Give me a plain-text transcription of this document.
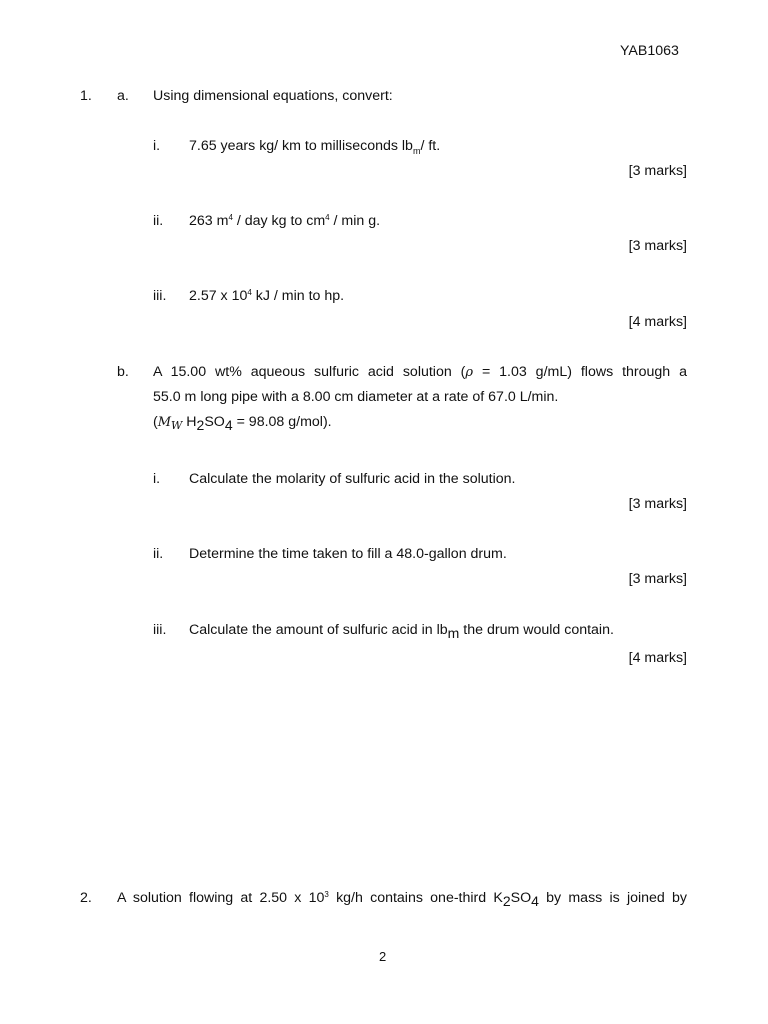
YAB1063
1. a. Using dimensional equations, convert:
i. 7.65 years kg/ km to milliseconds $lb_m/$ ft.
[3 marks]
ii. 263 $m^4$ / day kg to $cm^4$ / min g.
[3 marks]
iii. 2.57 x $10^4$ kJ / min to hp.
[4 marks]
b. A 15.00 wt% aqueous sulfuric acid solution (ρ = 1.03 g/mL) flows through a
55.0 m long pipe with a 8.00 cm diameter at a rate of 67.0 L/min.
($M_W$ $H_2SO_4 = 98.08$ g/mol).
i. Calculate the molarity of sulfuric acid in the solution.
[3 marks]
ii. Determine the time taken to fill a 48.0-gallon drum.
[3 marks]
iii. Calculate the amount of sulfuric acid in $lb_m$ the drum would contain.
[4 marks]
2. A solution flowing at 2.50 x $10^3$ kg/h contains one-third $K_2SO_4$ by mass is joined by
2
